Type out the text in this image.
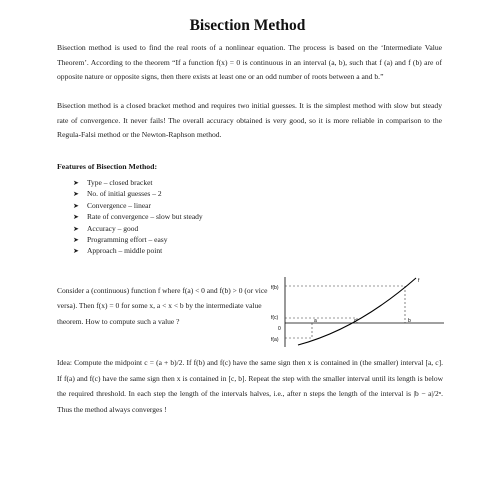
Bisection Method

Bisection method is used to find the real roots of a nonlinear equation. The process is based on the ‘Intermediate Value Theorem’. According to the theorem “If a function f(x) = 0 is continuous in an interval (a, b), such that f (a) and f (b) are of opposite nature or opposite signs, then there exists at least one or an odd number of roots between a and b.”

Bisection method is a closed bracket method and requires two initial guesses. It is the simplest method with slow but steady rate of convergence. It never fails! The overall accuracy obtained is very good, so it is more reliable in comparison to the Regula-Falsi method or the Newton-Raphson method.

Features of Bisection Method:
➤ Type – closed bracket
➤ No. of initial guesses – 2
➤ Convergence – linear
➤ Rate of convergence – slow but steady
➤ Accuracy – good
➤ Programming effort – easy
➤ Approach – middle point

Consider a (continuous) function f where f(a) < 0 and f(b) > 0 (or vice versa). Then f(x) = 0 for some x, a < x < b by the intermediate value theorem. How to compute such a value ?

f(b)
f(c)
0
f(a)
a	c	b
f

Idea: Compute the midpoint c = (a + b)/2. If f(b) and f(c) have the same sign then x is contained in (the smaller) interval [a, c]. If f(a) and f(c) have the same sign then x is contained in [c, b]. Repeat the step with the smaller interval until its length is below the required threshold. In each step the length of the intervals halves, i.e., after n steps the length of the interval is |b − a|/2ⁿ. Thus the method always converges !
